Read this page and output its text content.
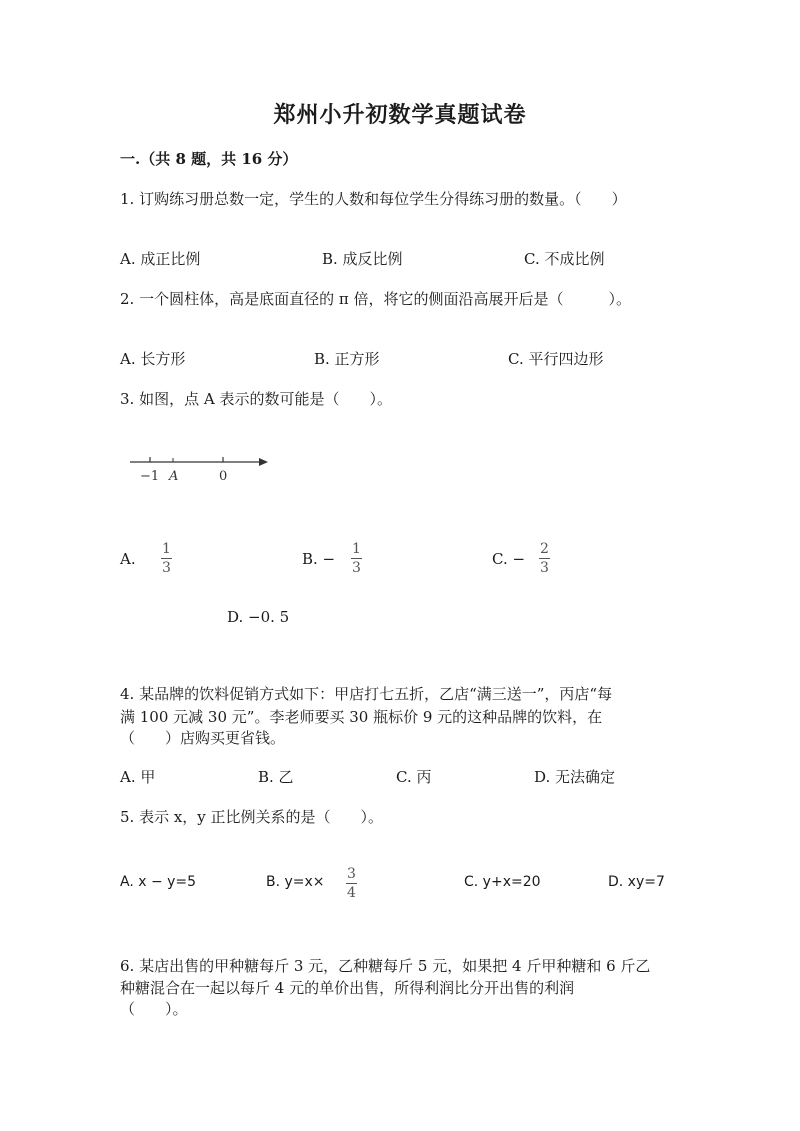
郑州小升初数学真题试卷
一.（共 8 题，共 16 分）
1. 订购练习册总数一定，学生的人数和每位学生分得练习册的数量。（　　）
A. 成正比例	B. 成反比例	C. 不成比例
2. 一个圆柱体，高是底面直径的 π 倍，将它的侧面沿高展开后是（　　　）。
A. 长方形	B. 正方形	C. 平行四边形
3. 如图，点 A 表示的数可能是（　　）。
−1 A	0
A.
1
3	B. −
1
3	C. −
2
3
D. −0. 5
4. 某品牌的饮料促销方式如下：甲店打七五折，乙店“满三送一”，丙店“每
满 100 元减 30 元”。李老师要买 30 瓶标价 9 元的这种品牌的饮料，在
（　　）店购买更省钱。
A. 甲	B. 乙	C. 丙	D. 无法确定
5. 表示 x，y 正比例关系的是（　　）。
A. x − y=5	B. y=x× 3
4
C. y+x=20	D. xy=7
6. 某店出售的甲种糖每斤 3 元，乙种糖每斤 5 元，如果把 4 斤甲种糖和 6 斤乙
种糖混合在一起以每斤 4 元的单价出售，所得利润比分开出售的利润
（　　）。
